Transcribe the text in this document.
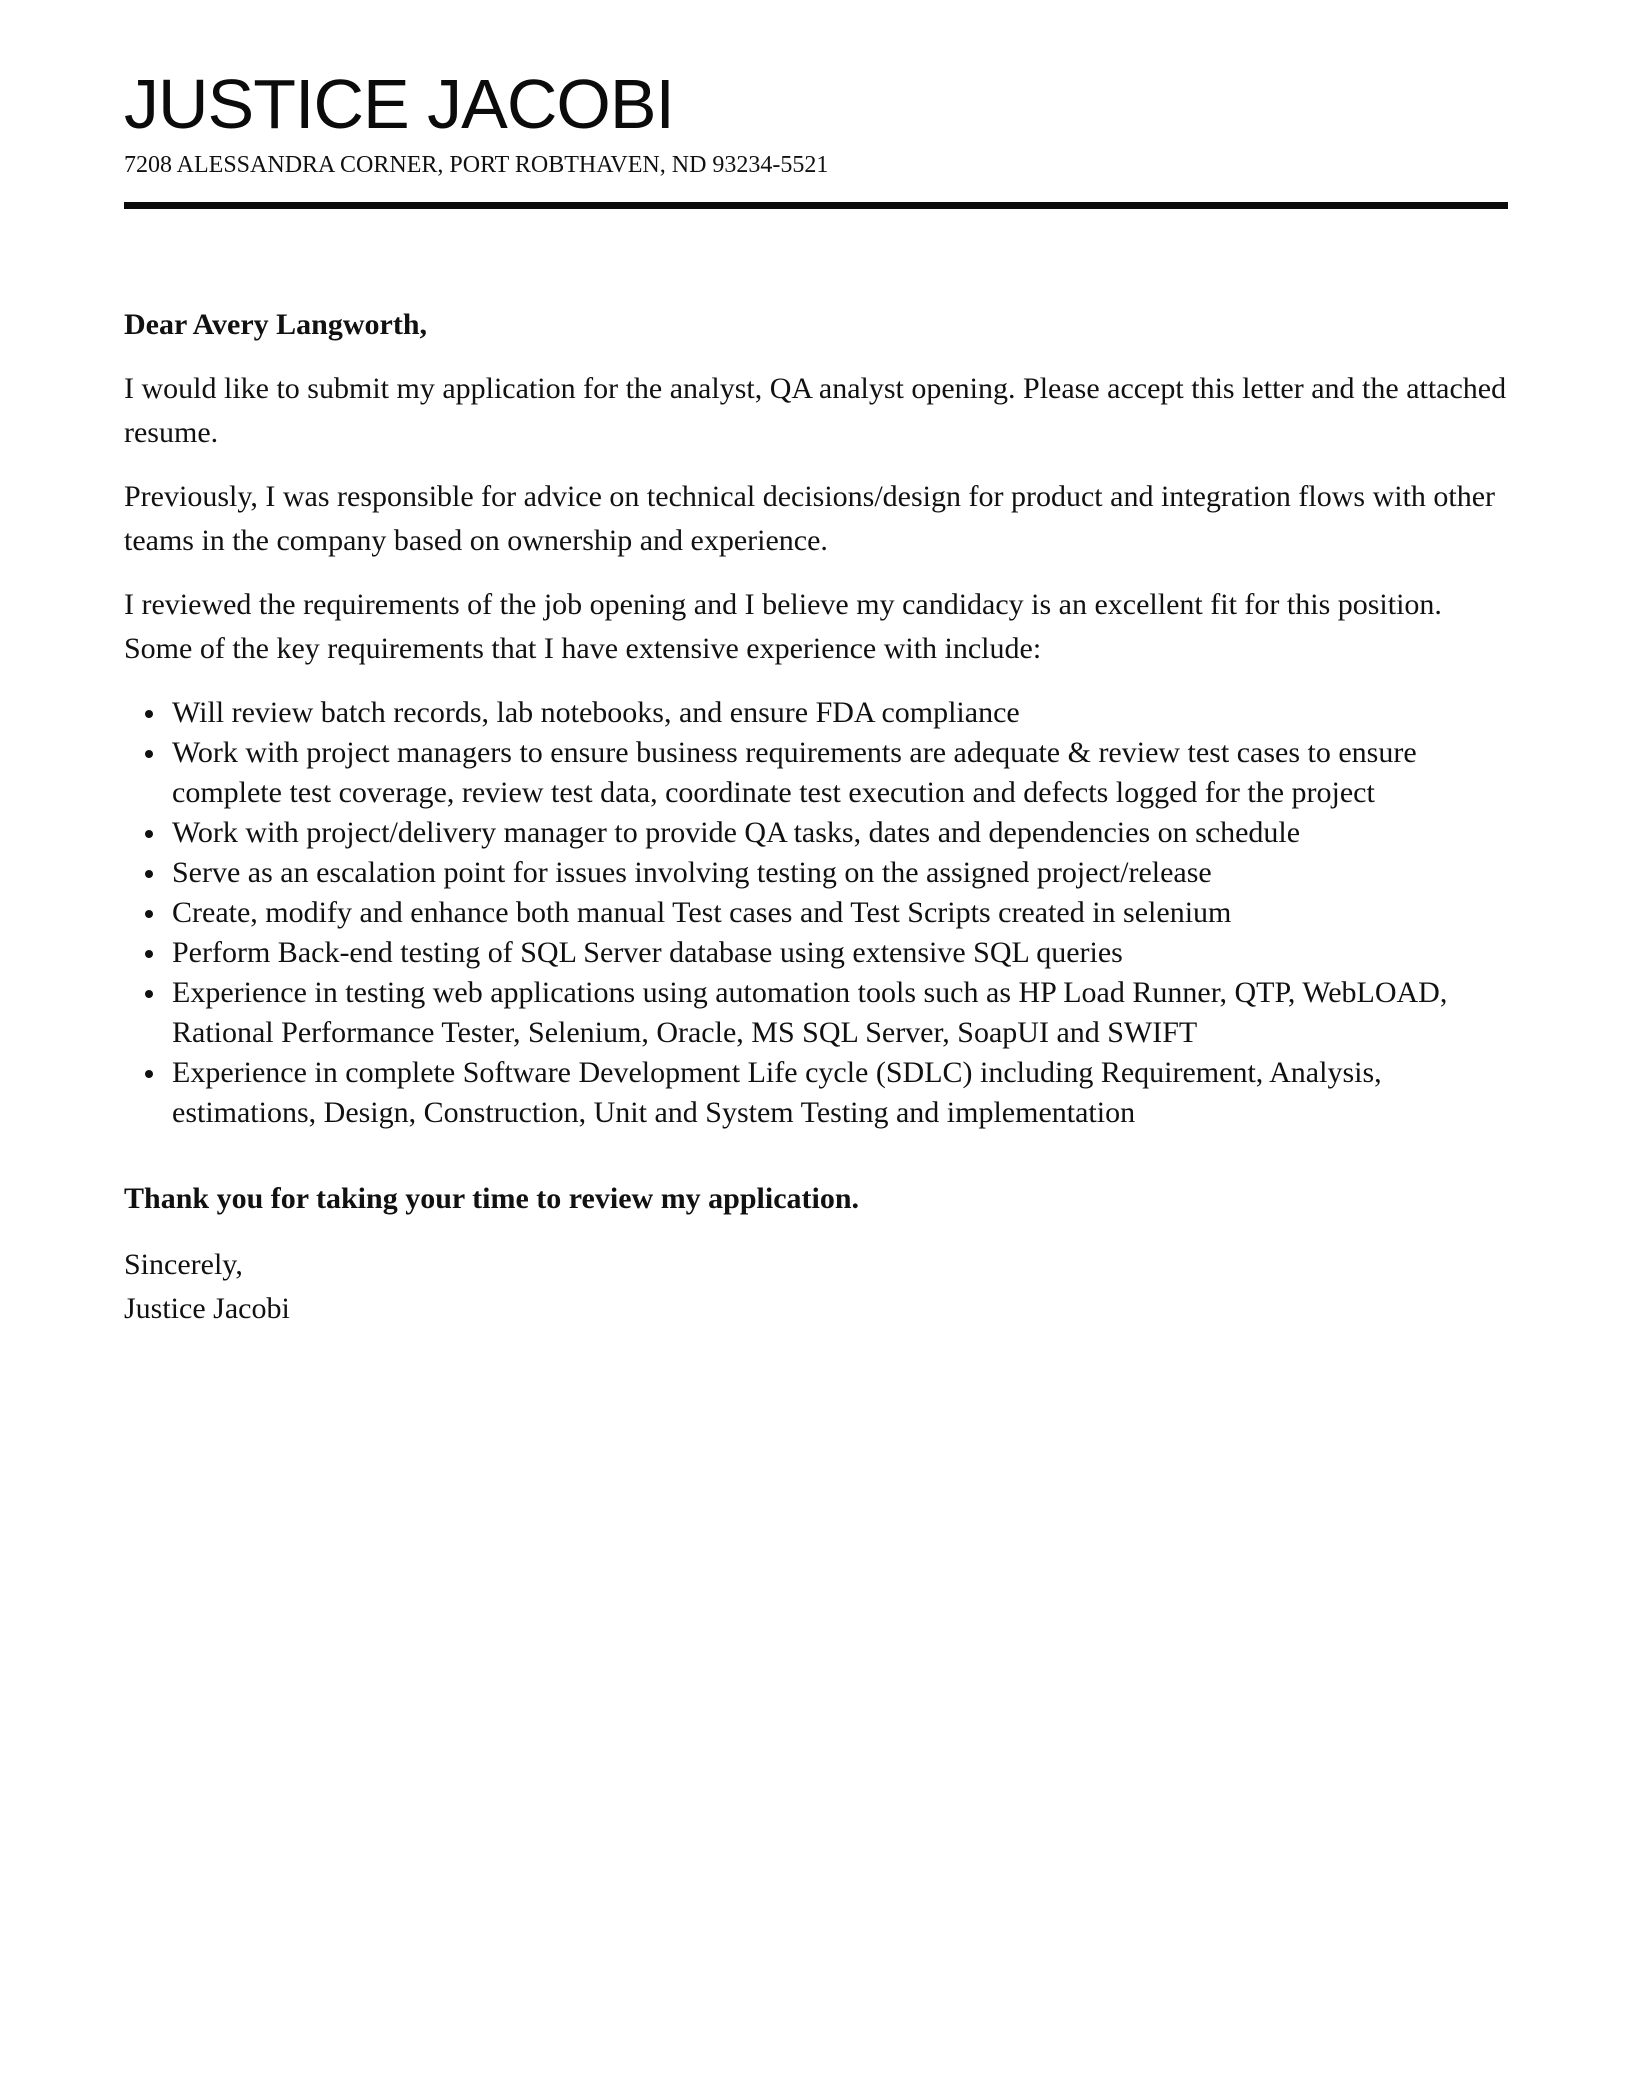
JUSTICE JACOBI
7208 ALESSANDRA CORNER, PORT ROBTHAVEN, ND 93234-5521

Dear Avery Langworth,

I would like to submit my application for the analyst, QA analyst opening. Please accept this letter and the attached resume.

Previously, I was responsible for advice on technical decisions/design for product and integration flows with other teams in the company based on ownership and experience.

I reviewed the requirements of the job opening and I believe my candidacy is an excellent fit for this position. Some of the key requirements that I have extensive experience with include:

Will review batch records, lab notebooks, and ensure FDA compliance
Work with project managers to ensure business requirements are adequate & review test cases to ensure complete test coverage, review test data, coordinate test execution and defects logged for the project
Work with project/delivery manager to provide QA tasks, dates and dependencies on schedule
Serve as an escalation point for issues involving testing on the assigned project/release
Create, modify and enhance both manual Test cases and Test Scripts created in selenium
Perform Back-end testing of SQL Server database using extensive SQL queries
Experience in testing web applications using automation tools such as HP Load Runner, QTP, WebLOAD, Rational Performance Tester, Selenium, Oracle, MS SQL Server, SoapUI and SWIFT
Experience in complete Software Development Life cycle (SDLC) including Requirement, Analysis, estimations, Design, Construction, Unit and System Testing and implementation

Thank you for taking your time to review my application.

Sincerely,

Justice Jacobi
